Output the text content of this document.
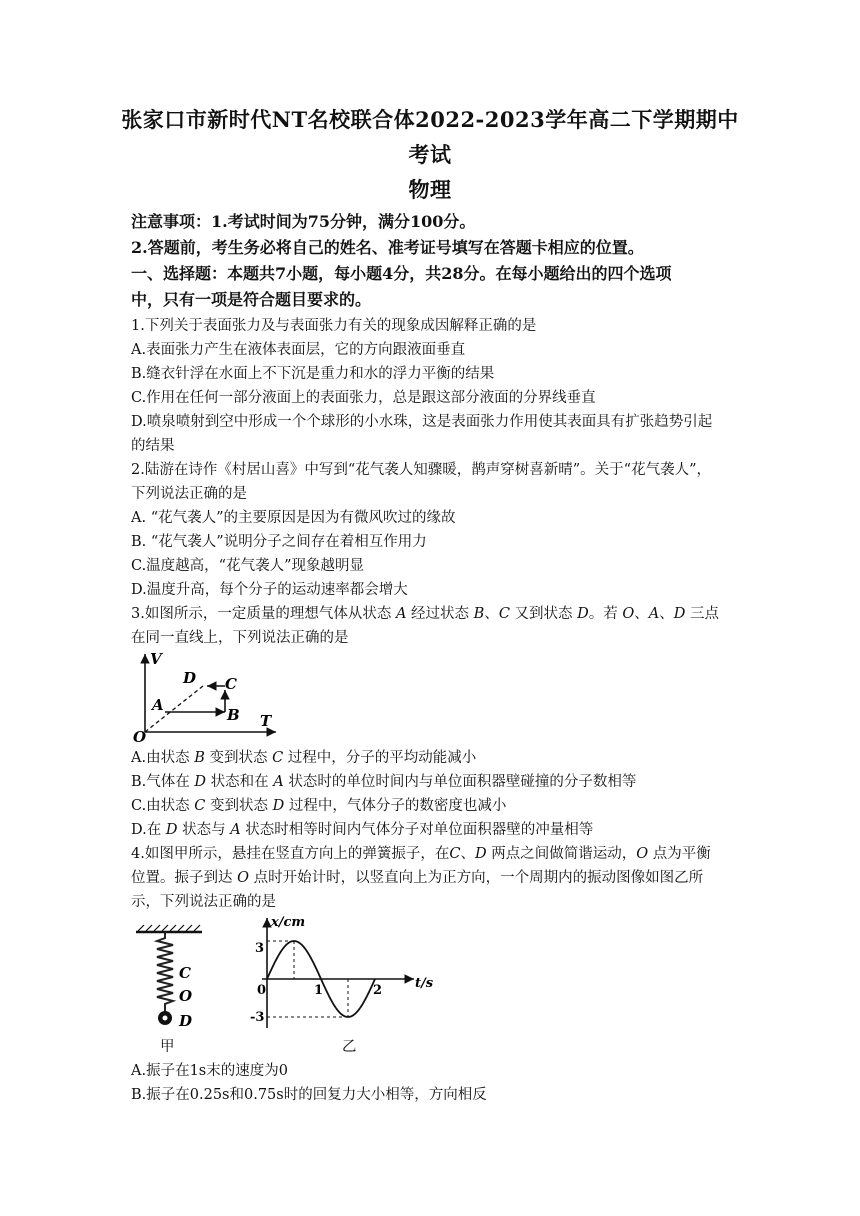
张家口市新时代NT名校联合体2022-2023学年高二下学期期中
考试
物理
注意事项：1.考试时间为75分钟，满分100分。
2.答题前，考生务必将自己的姓名、准考证号填写在答题卡相应的位置。
一、选择题：本题共7小题，每小题4分，共28分。在每小题给出的四个选项
中，只有一项是符合题目要求的。
1.下列关于表面张力及与表面张力有关的现象成因解释正确的是
A.表面张力产生在液体表面层，它的方向跟液面垂直
B.缝衣针浮在水面上不下沉是重力和水的浮力平衡的结果
C.作用在任何一部分液面上的表面张力，总是跟这部分液面的分界线垂直
D.喷泉喷射到空中形成一个个球形的小水珠，这是表面张力作用使其表面具有扩张趋势引起
的结果
2.陆游在诗作《村居山喜》中写到“花气袭人知骤暖，鹊声穿树喜新晴”。关于“花气袭人”，
下列说法正确的是
A. “花气袭人”的主要原因是因为有微风吹过的缘故
B. “花气袭人”说明分子之间存在着相互作用力
C.温度越高，“花气袭人”现象越明显
D.温度升高，每个分子的运动速率都会增大
3.如图所示，一定质量的理想气体从状态 A 经过状态 B、C 又到状态 D。若 O、A、D 三点
在同一直线上，下列说法正确的是
V
T
O
A
B
C
D
A.由状态 B 变到状态 C 过程中，分子的平均动能减小
B.气体在 D 状态和在 A 状态时的单位时间内与单位面积器壁碰撞的分子数相等
C.由状态 C 变到状态 D 过程中，气体分子的数密度也减小
D.在 D 状态与 A 状态时相等时间内气体分子对单位面积器壁的冲量相等
4.如图甲所示，悬挂在竖直方向上的弹簧振子，在C、D 两点之间做简谐运动，O 点为平衡
位置。振子到达 O 点时开始计时，以竖直向上为正方向，一个周期内的振动图像如图乙所
示，下列说法正确的是
C
O
D
甲
x/cm
t/s
3
-3
0	1	2
乙
A.振子在1s末的速度为0
B.振子在0.25s和0.75s时的回复力大小相等，方向相反
